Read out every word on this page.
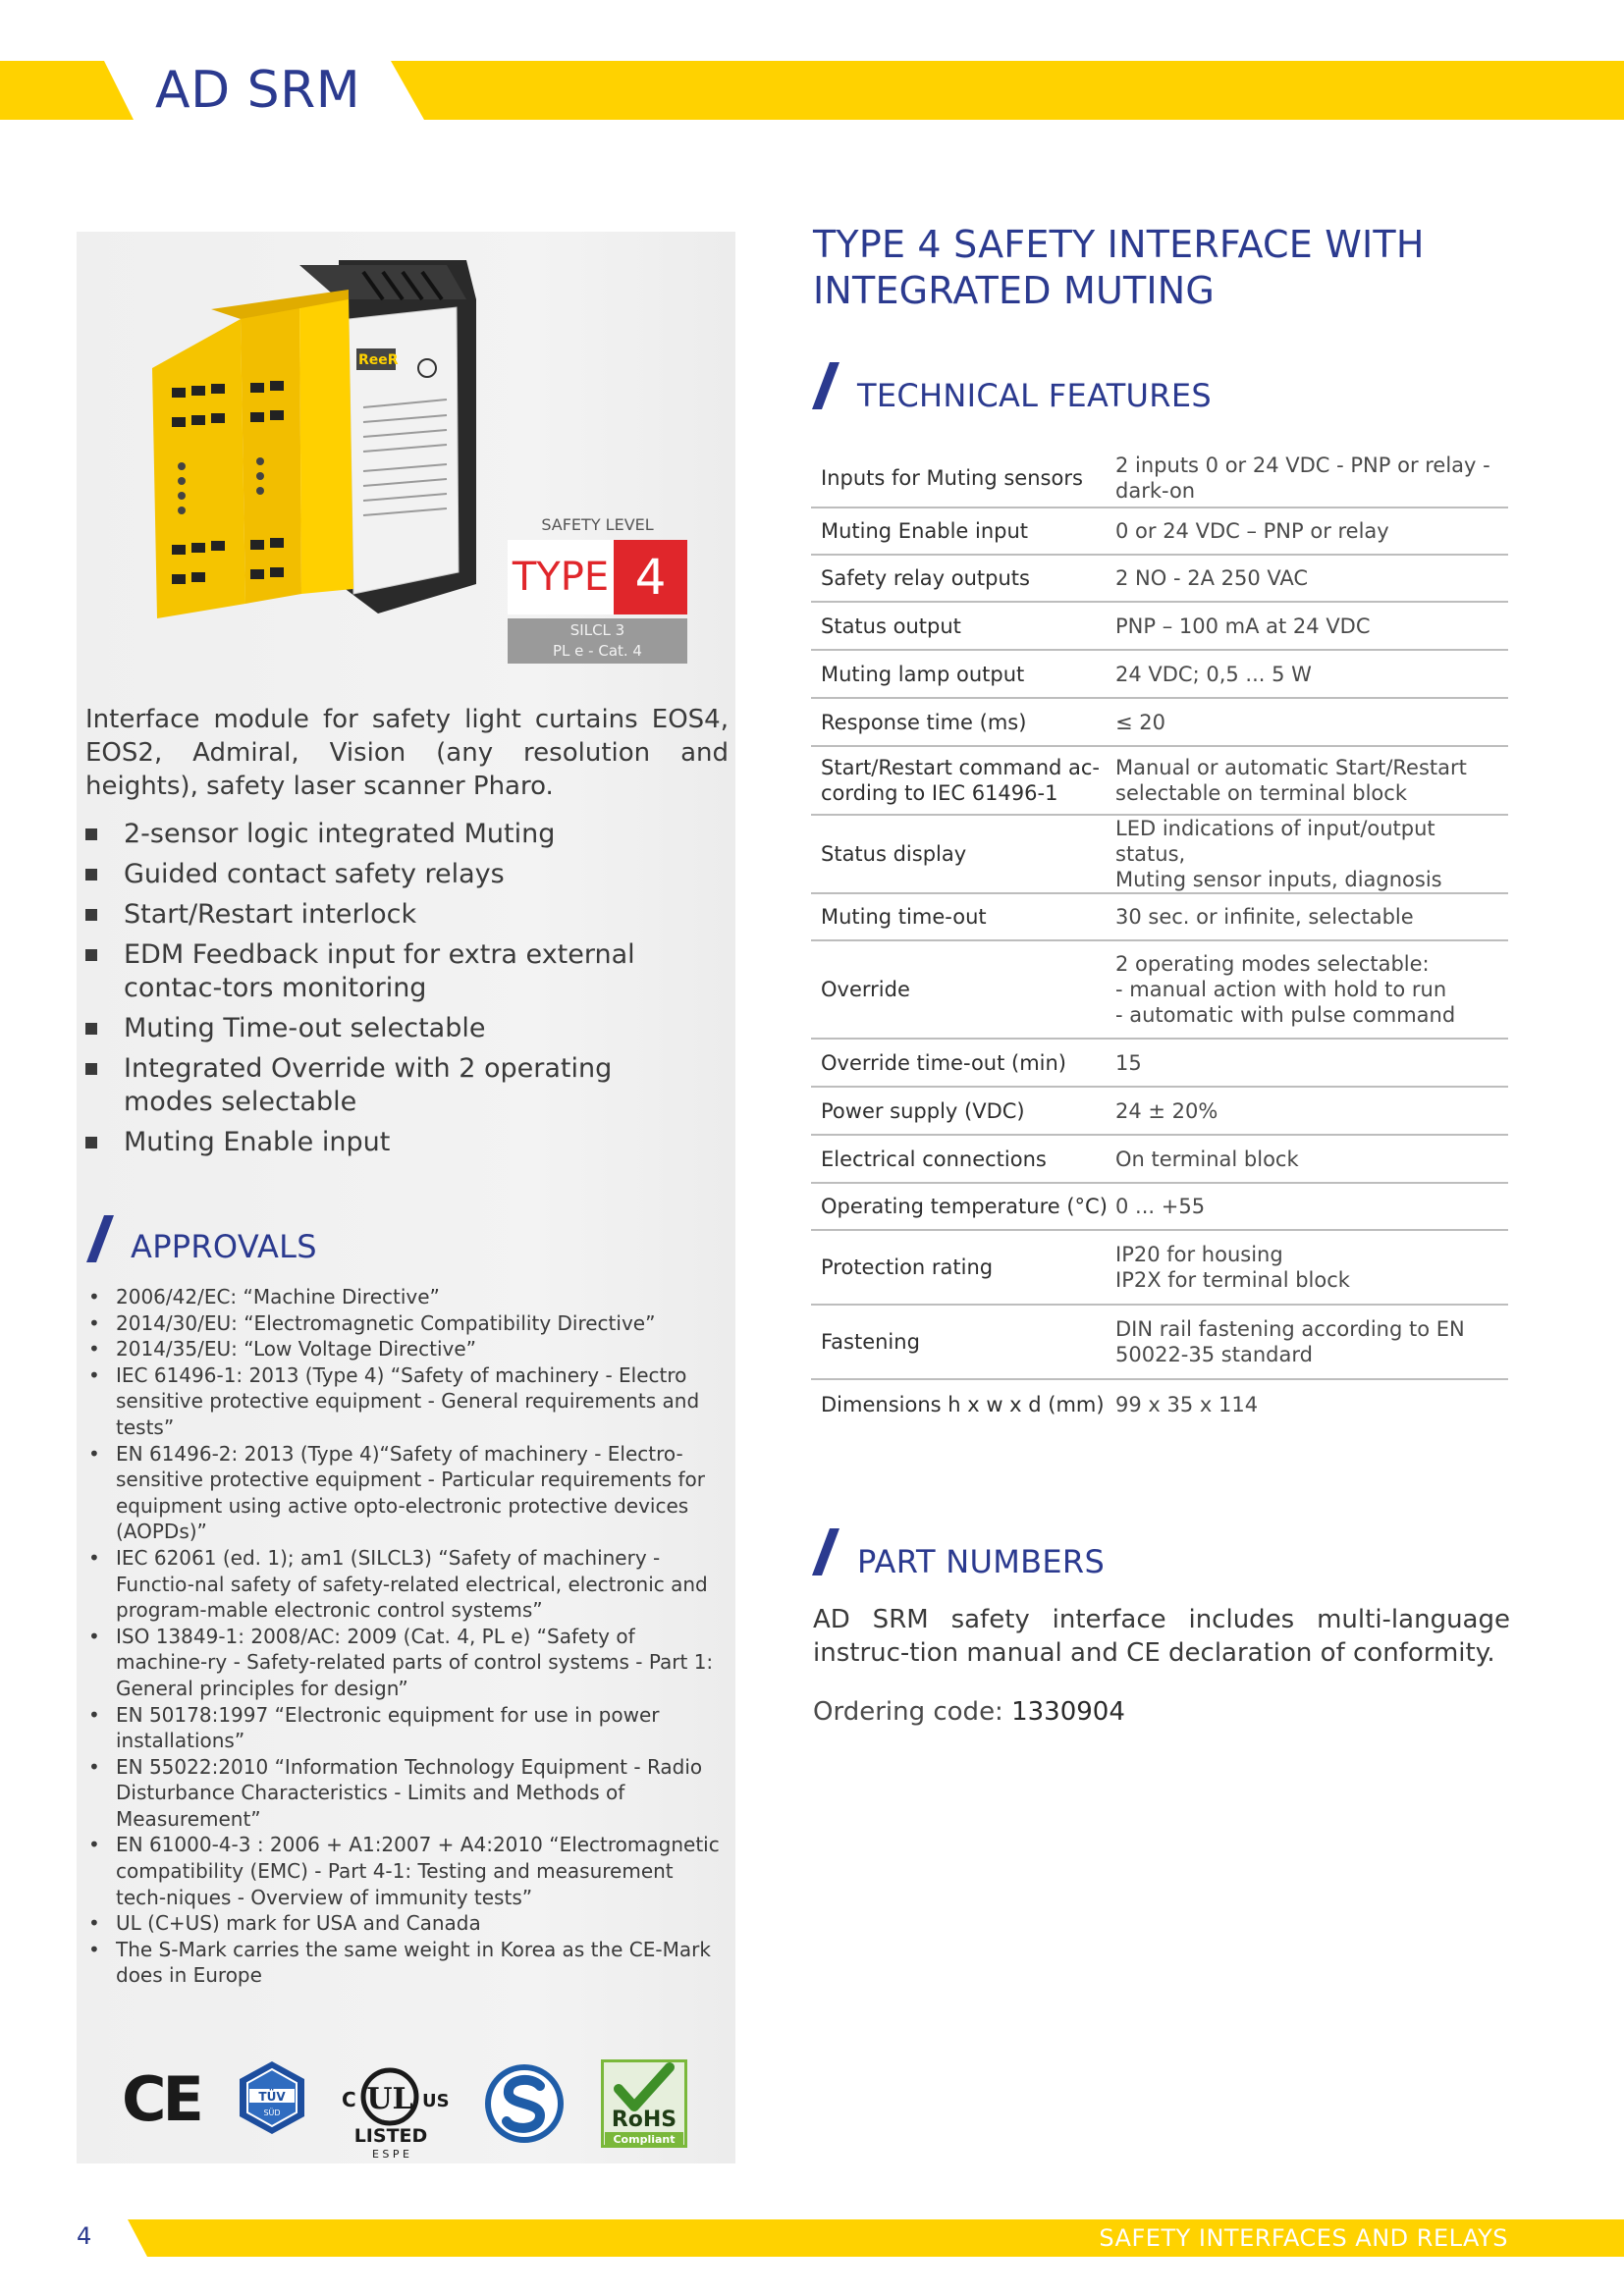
AD SRM
ReeR
SAFETY LEVEL
TYPE 4
SILCL 3
PL e - Cat. 4
Interface module for safety light curtains EOS4, EOS2, Admiral, Vision (any resolution and heights), safety laser scanner Pharo.
2-sensor logic integrated Muting
Guided contact safety relays
Start/Restart interlock
EDM Feedback input for extra external contac-tors monitoring
Muting Time-out selectable
Integrated Override with 2 operating modes selectable
Muting Enable input
APPROVALS
• 2006/42/EC: “Machine Directive”
• 2014/30/EU: “Electromagnetic Compatibility Directive”
• 2014/35/EU: “Low Voltage Directive”
• IEC 61496-1: 2013 (Type 4) “Safety of machinery - Electro sensitive protective equipment - General requirements and tests”
• EN 61496-2: 2013 (Type 4)“Safety of machinery - Electro-sensitive protective equipment - Particular requirements for equipment using active opto-electronic protective devices (AOPDs)”
• IEC 62061 (ed. 1); am1 (SILCL3) “Safety of machinery - Functio-nal safety of safety-related electrical, electronic and program-mable electronic control systems”
• ISO 13849-1: 2008/AC: 2009 (Cat. 4, PL e) “Safety of machine-ry - Safety-related parts of control systems - Part 1: General principles for design”
• EN 50178:1997 “Electronic equipment for use in power installations”
• EN 55022:2010 “Information Technology Equipment - Radio Disturbance Characteristics - Limits and Methods of Measurement”
• EN 61000-4-3 : 2006 + A1:2007 + A4:2010 “Electromagnetic compatibility (EMC) - Part 4-1: Testing and measurement tech-niques - Overview of immunity tests”
• UL (C+US) mark for USA and Canada
• The S-Mark carries the same weight in Korea as the CE-Mark does in Europe
CE	TÜV
SÜD
C UL US
LISTED
E S P E
RoHS
Compliant
TYPE 4 SAFETY INTERFACE WITH
INTEGRATED MUTING
TECHNICAL FEATURES
Inputs for Muting sensors	2 inputs 0 or 24 VDC - PNP or relay -
dark-on
Muting Enable input	0 or 24 VDC – PNP or relay
Safety relay outputs	2 NO - 2A 250 VAC
Status output	PNP – 100 mA at 24 VDC
Muting lamp output	24 VDC; 0,5 ... 5 W
Response time (ms)	≤ 20
Start/Restart command ac-
cording to IEC 61496-1	Manual or automatic Start/Restart
selectable on terminal block
Status display	LED indications of input/output status,
Muting sensor inputs, diagnosis
Muting time-out	30 sec. or infinite, selectable
Override	2 operating modes selectable:
- manual action with hold to run
- automatic with pulse command
Override time-out (min)	15
Power supply (VDC)	24 ± 20%
Electrical connections	On terminal block
Operating temperature (°C)	0 ... +55
Protection rating	IP20 for housing
IP2X for terminal block
Fastening	DIN rail fastening according to EN
50022-35 standard
Dimensions h x w x d (mm)	99 x 35 x 114
PART NUMBERS
AD SRM safety interface includes multi-language instruc-tion manual and CE declaration of conformity.
Ordering code: 1330904
4	SAFETY INTERFACES AND RELAYS
